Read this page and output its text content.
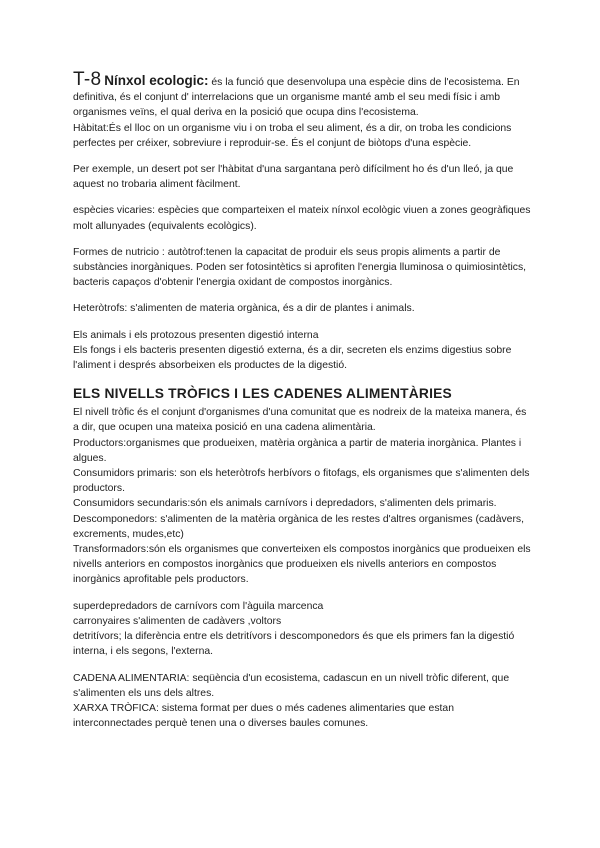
T-8 Nínxol ecologic: és la funció que desenvolupa una espècie dins de l'ecosistema. En definitiva, és el conjunt d' interrelacions que un organisme manté amb el seu medi físic i amb organismes veïns, el qual deriva en la posició que ocupa dins l'ecosistema.

Hàbitat:És el lloc on un organisme viu i on troba el seu aliment, és a dir, on troba les condicions perfectes per créixer, sobreviure i reproduir-se. És el conjunt de biòtops d'una espècie.

Per exemple, un desert pot ser l'hàbitat d'una sargantana però difícilment ho és d'un lleó, ja que aquest no trobaria aliment fàcilment.

espècies vicaries: espècies que comparteixen el mateix nínxol ecològic viuen a zones geogràfiques molt allunyades (equivalents ecològics).

Formes de nutricio : autòtrof:tenen la capacitat de produir els seus propis aliments a partir de substàncies inorgàniques. Poden ser fotosintètics si aprofiten l'energia lluminosa o quimiosintètics, bacteris capaços d'obtenir l'energia oxidant de compostos inorgànics.

Heteròtrofs: s'alimenten de materia orgànica, és a dir de plantes i animals.

Els animals i els protozous presenten digestió interna

Els fongs i els bacteris presenten digestió externa, és a dir, secreten els enzims digestius sobre l'aliment i després absorbeixen els productes de la digestió.

ELS NIVELLS TRÒFICS I LES CADENES ALIMENTÀRIES

El nivell tròfic és el conjunt d'organismes d'una comunitat que es nodreix de la mateixa manera, és a dir, que ocupen una mateixa posició en una cadena alimentària.

Productors:organismes que produeixen, matèria orgànica a partir de materia inorgànica. Plantes i algues.

Consumidors primaris: son els heteròtrofs herbívors o fitofags, els organismes que s'alimenten dels productors.

Consumidors secundaris:són els animals carnívors i depredadors, s'alimenten dels primaris.

Descomponedors: s'alimenten de la matèria orgànica de les restes d'altres organismes (cadàvers, excrements, mudes,etc)

Transformadors:són els organismes que converteixen els compostos inorgànics que produeixen els nivells anteriors en compostos inorgànics que produeixen els nivells anteriors en compostos inorgànics aprofitable pels productors.

superdepredadors de carnívors com l'àguila marcenca

carronyaires s'alimenten de cadàvers ,voltors

detritívors; la diferència entre els detritívors i descomponedors és que els primers fan la digestió interna, i els segons, l'externa.

CADENA ALIMENTARIA: seqüència d'un ecosistema, cadascun en un nivell tròfic diferent, que s'alimenten els uns dels altres.

XARXA TRÒFICA: sistema format per dues o més cadenes alimentaries que estan interconnectades perquè tenen una o diverses baules comunes.
